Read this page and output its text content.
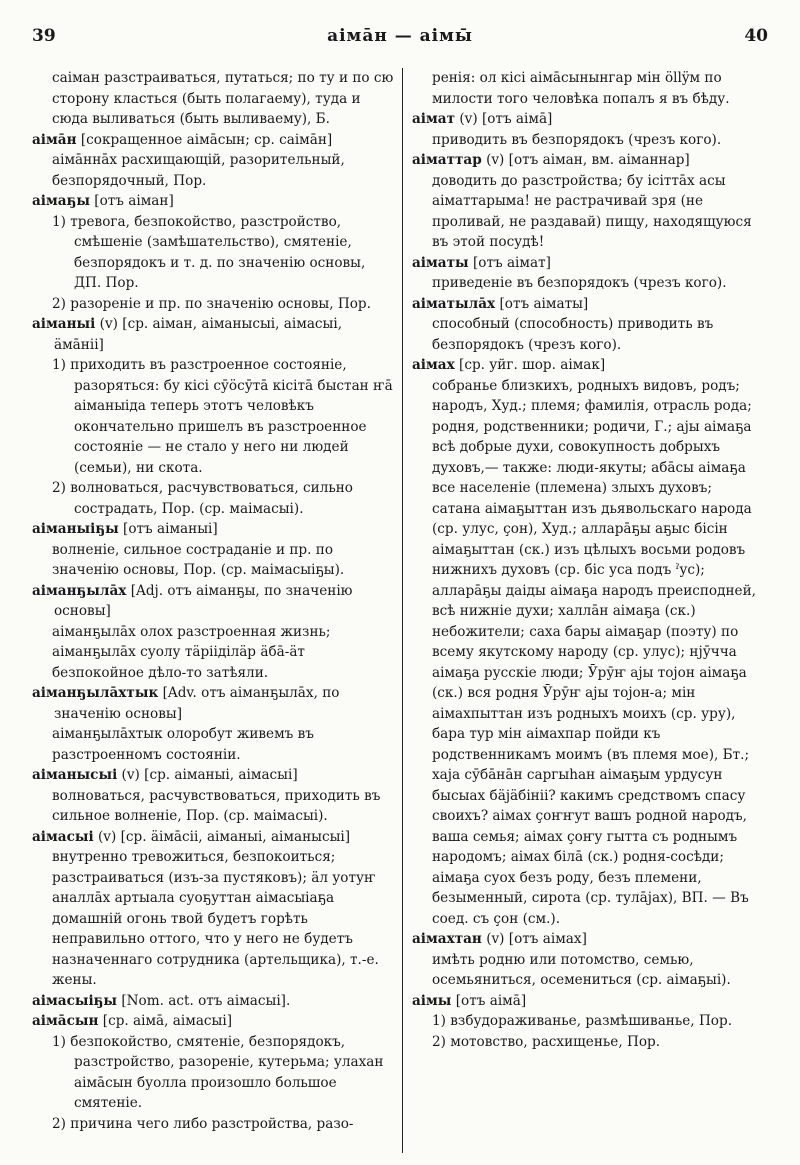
39	аiмāн — аiмы̄	40

саiман разстраиваться, путаться; по ту и по сю сторону класться (быть полагаему), туда и сюда выливаться (быть выливаему), Б.

аiмāн [сокращенное аiмāсын; ср. саiмāн]

аiмāннāх расхищающiй, разорительный, безпорядочный, Пор.

аiмаҕы [отъ аiман]

1) тревога, безпокойство, разстройство, смѣшенiе (замѣшательство), смятенiе, безпорядокъ и т. д. по значенiю основы, ДП. Пор.

2) разоренiе и пр. по значенiю основы, Пор.

аiманыi (v) [ср. аiман, аiманысыi, аiмасыi, äмāнii]

1) приходить въ разстроенное состоянiе, разоряться: бу кiсi сӯöсӯтā кiсiтā быстан ҥā аiманыiда теперь этотъ человѣкъ окончательно пришелъ въ разстроенное состоянiе — не стало у него ни людей (семьи), ни скота.

2) волноваться, расчувствоваться, сильно сострадать, Пор. (ср. маiмасыi).

аiманыiҕы [отъ аiманыi]

волненiе, сильное состраданiе и пр. по значенiю основы, Пор. (ср. маiмасыiҕы).

аiманҕылāх [Adj. отъ аiманҕы, по значенiю основы]

аiманҕылāх олох разстроенная жизнь; аiманҕылāх суолу тäрiiдiлäр äбā-äт безпокойное дѣло-то затѣяли.

аiманҕылāхтык [Adv. отъ аiманҕылāх, по значенiю основы]

аiманҕылāхтык олоробут живемъ въ разстроенномъ состоянiи.

аiманысыi (v) [ср. аiманыi, аiмасыi]

волноваться, расчувствоваться, приходить въ сильное волненiе, Пор. (ср. маiмасыi).

аiмасыi (v) [ср. äiмāсii, аiманыi, аiманысыi]

внутренно тревожиться, безпокоиться; разстраиваться (изъ-за пустяковъ); äл уотуҥ аналлāх артыала суоҕуттан аiмасыiаҕа домашнiй огонь твой будетъ горѣть неправильно оттого, что у него не будетъ назначеннаго сотрудника (артельщика), т.-е. жены.

аiмасыiҕы [Nom. act. отъ аiмасыi].

аiмāсын [ср. аiмā, аiмасыi]

1) безпокойство, смятенiе, безпорядокъ, разстройство, разоренiе, кутерьма; улахан аiмāсын буолла произошло большое смятенiе.

2) причина чего либо разстройства, разо-

ренiя: ол кiсi аiмāсынынгар мiн öllÿм по милости того человѣка попалъ я въ бѣду.

аiмат (v) [отъ аiмā]

приводить въ безпорядокъ (чрезъ кого).

аiматтар (v) [отъ аiман, вм. аiманнар]

доводить до разстройства; бу iсiттāх асы аiматтарыма! не растрачивай зря (не проливай, не раздавай) пищу, находящуюся въ этой посудѣ!

аiматы [отъ аiмат]

приведенiе въ безпорядокъ (чрезъ кого).

аiматылāх [отъ аiматы]

способный (способность) приводить въ безпорядокъ (чрезъ кого).

аiмах [ср. уйг. шор. аiмак]

собранье близкихъ, родныхъ видовъ, родъ; народъ, Худ.; племя; фамилiя, отрасль рода; родня, родственники; родичи, Г.; аjы аiмаҕа всѣ добрые духи, совокупность добрыхъ духовъ,— также: люди-якуты; абāсы аiмаҕа все населенiе (племена) злыхъ духовъ; сатана аiмаҕыттан изъ дьявольскаго народа (ср. улус, ҫон), Худ.; алларāҕы аҕыс бiсiн аiмаҕыттан (ск.) изъ цѣлыхъ восьми родовъ нижнихъ духовъ (ср. бiс уса подъ ˀус); алларāҕы даiды аiмаҕа народъ преисподней, всѣ нижнiе духи; халлāн аiмаҕа (ск.) небожители; саха бары аiмаҕар (поэту) по всему якутскому народу (ср. улус); нjӯчча аiмаҕа русскiе люди; Ӯрӯҥ аjы тоjон аiмаҕа (ск.) вся родня Ӯрӯҥ аjы тоjон-а; мiн аiмахпыттан изъ родныхъ моихъ (ср. уру), бара тур мiн аiмахпар пойди къ родственникамъ моимъ (въ племя мое), Бт.; хаjа сӯбāнāн саргыhан аiмаҕым урдусун быcыах бäjäбiнii? какимъ средствомъ спасу своихъ? аiмах ҫоҥҥут вашъ родной народъ, ваша семья; аiмах ҫоҥу гытта съ роднымъ народомъ; аiмах бiлā (ск.) родня-сосѣди; аiмаҕа суох безъ роду, безъ племени, безыменный, сирота (ср. тулājах), ВП. — Въ соед. съ ҫон (см.).

аiмахтан (v) [отъ аiмах]

имѣть родню или потомство, семью, осемьяниться, осемениться (ср. аiмаҕыi).

аiмы [отъ аiмā]

1) взбудораживанье, размѣшиванье, Пор.

2) мотовство, расхищенье, Пор.
